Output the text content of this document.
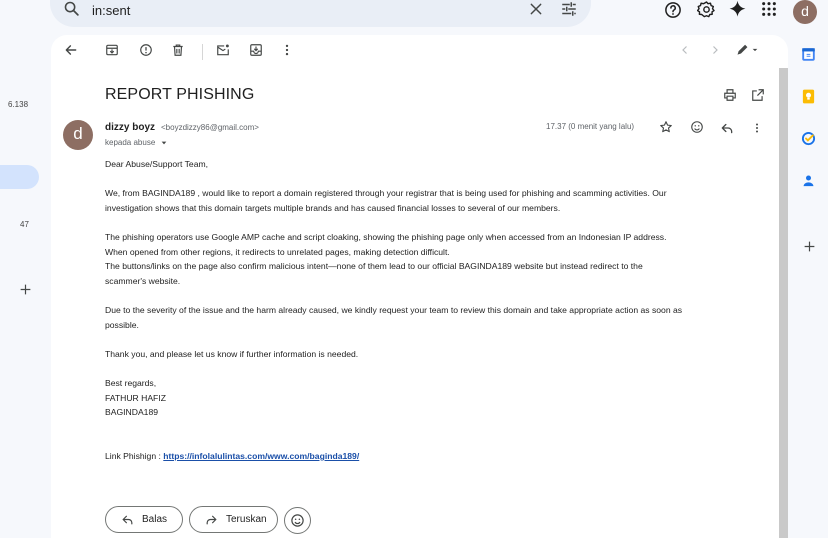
in:sent	d
6.138
47
REPORT PHISHING
d	dizzy boyz <boyzdizzy86@gmail.com>
kepada abuse
17.37 (0 menit yang lalu)

Dear Abuse/Support Team,

We, from BAGINDA189 , would like to report a domain registered through your registrar that is being used for phishing and scamming activities. Our

investigation shows that this domain targets multiple brands and has caused financial losses to several of our members.

The phishing operators use Google AMP cache and script cloaking, showing the phishing page only when accessed from an Indonesian IP address.

When opened from other regions, it redirects to unrelated pages, making detection difficult.

The buttons/links on the page also confirm malicious intent—none of them lead to our official BAGINDA189 website but instead redirect to the

scammer's website.

Due to the severity of the issue and the harm already caused, we kindly request your team to review this domain and take appropriate action as soon as

possible.

Thank you, and please let us know if further information is needed.

Best regards,

FATHUR HAFIZ

BAGINDA189

Link Phishign : https://infolalulintas.com/www.com/baginda189/

Balas	Teruskan
